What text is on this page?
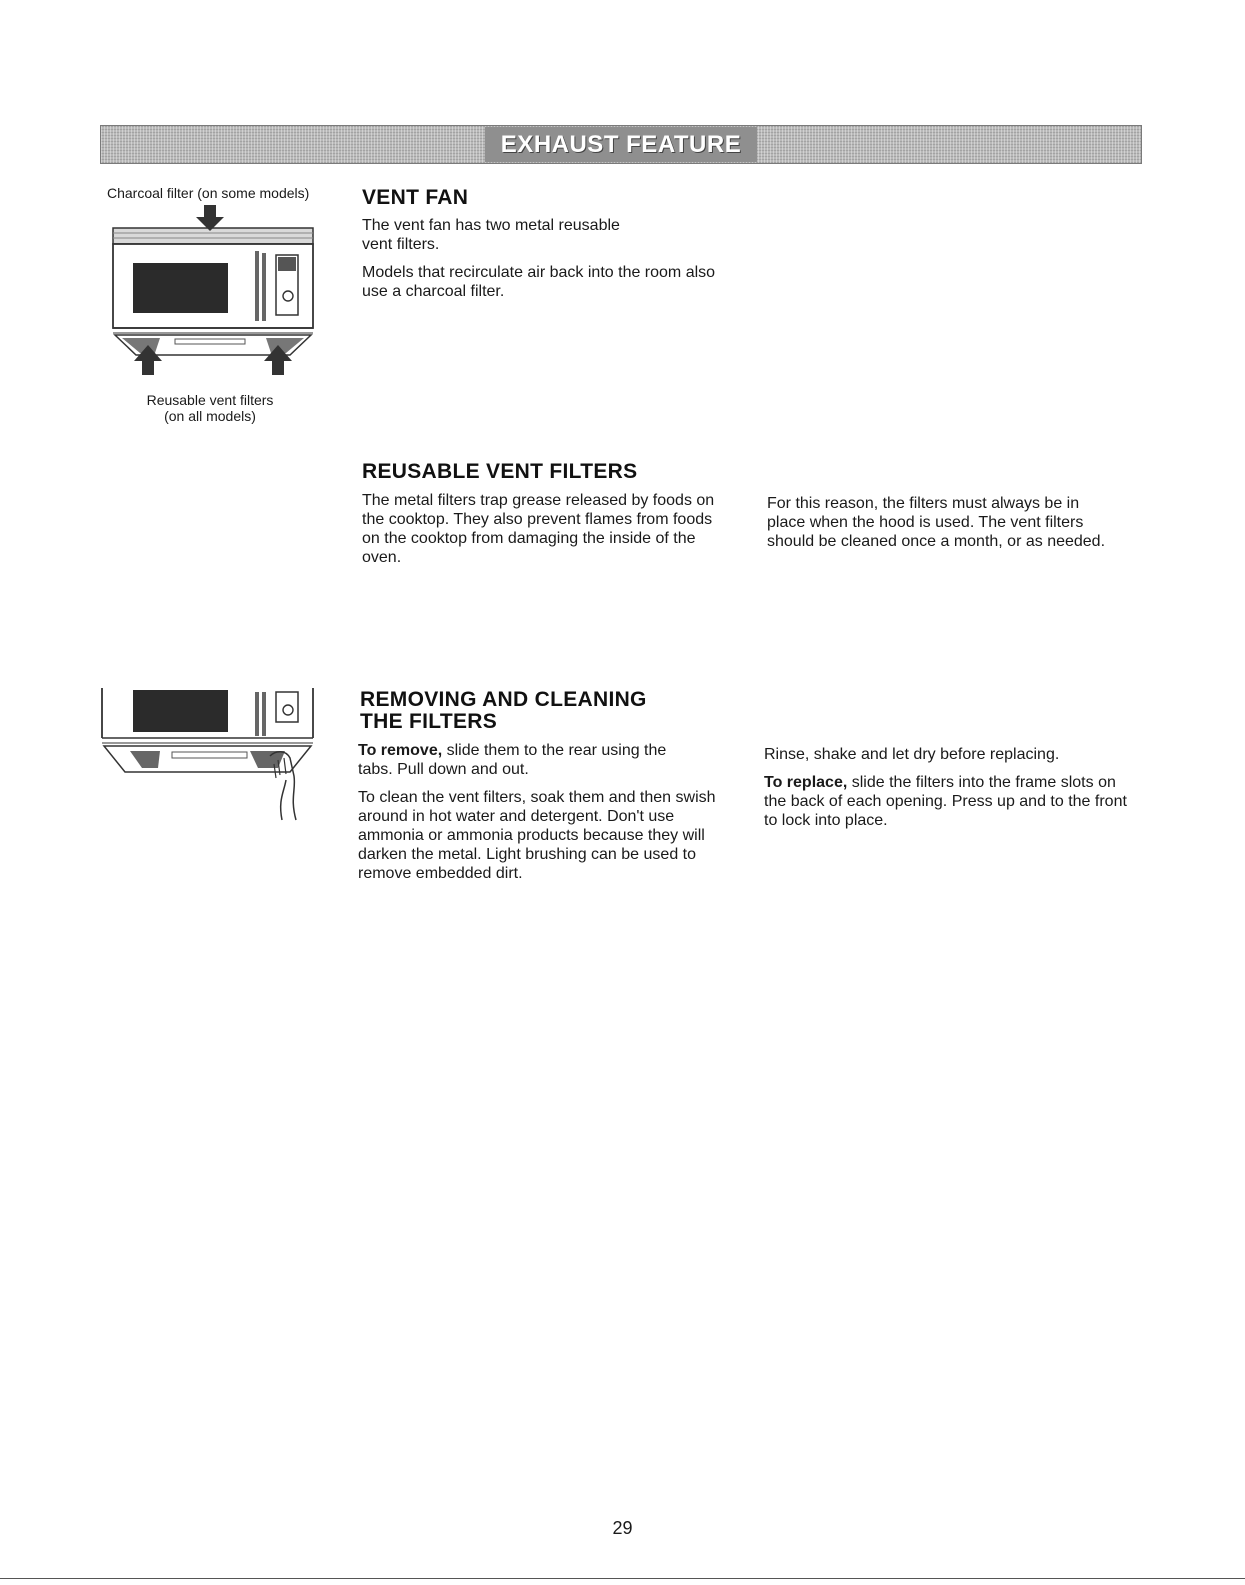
EXHAUST FEATURE
Charcoal filter (on some models)
Reusable vent filters
(on all models)
VENT FAN

The vent fan has two metal reusable vent filters.

Models that recirculate air back into the room also use a charcoal filter.

REUSABLE VENT FILTERS

The metal filters trap grease released by foods on the cooktop. They also prevent flames from foods on the cooktop from damaging the inside of the oven.

For this reason, the filters must always be in place when the hood is used. The vent filters should be cleaned once a month, or as needed.

REMOVING AND CLEANING
THE FILTERS

To remove, slide them to the rear using the tabs. Pull down and out.

To clean the vent filters, soak them and then swish around in hot water and detergent. Don't use ammonia or ammonia products because they will darken the metal. Light brushing can be used to remove embedded dirt.

Rinse, shake and let dry before replacing.

To replace, slide the filters into the frame slots on the back of each opening. Press up and to the front to lock into place.

29
